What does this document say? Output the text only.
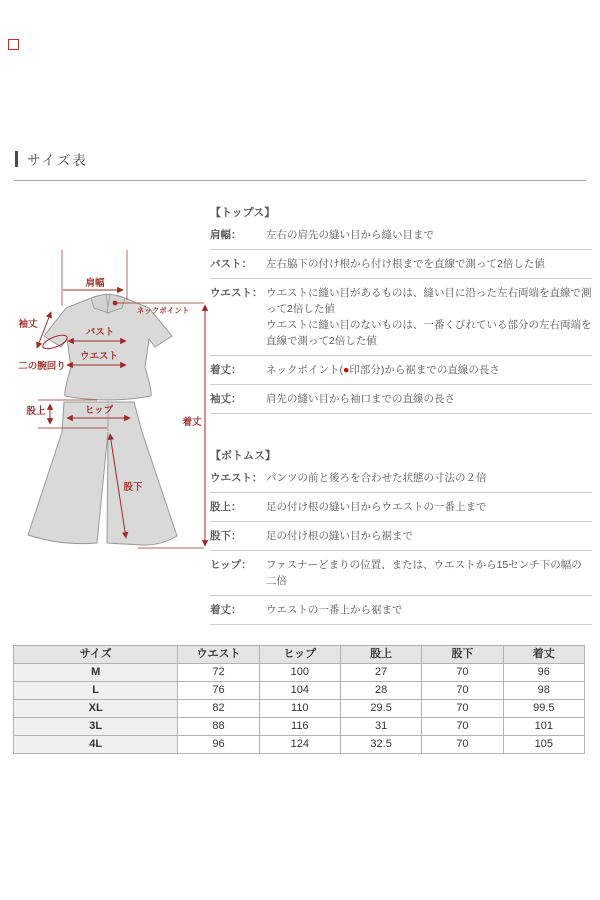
サイズ表
肩幅
ネックポイント
着丈
バスト
ウエスト
袖丈
二の腕回り
股上	ヒップ
股下
【トップス】
肩幅：	左右の肩先の縫い目から縫い目まで
バスト：	左右脇下の付け根から付け根までを直線で測って2倍した値
ウエスト： ウエストに縫い目があるものは、縫い目に沿った左右両端を直線で測って2倍した値
ウエストに縫い目のないものは、一番くびれている部分の左右両端を直線で測って2倍した値
着丈：	ネックポイント(●印部分)から裾までの直線の長さ
袖丈：	肩先の縫い目から袖口までの直線の長さ
【ボトムス】
ウエスト： パンツの前と後ろを合わせた状態の寸法の２倍
股上：	足の付け根の縫い目からウエストの一番上まで
股下：	足の付け根の縫い目から裾まで
ヒップ：	ファスナーどまりの位置、または、ウエストから15センチ下の幅の二倍
着丈：	ウエストの一番上から裾まで
サイズ	ウエスト	ヒップ	股上	股下	着丈
M	72	100	27	70	96
L	76	104	28	70	98
XL	82	110	29.5	70	99.5
3L	88	116	31	70	101
4L	96	124	32.5	70	105
